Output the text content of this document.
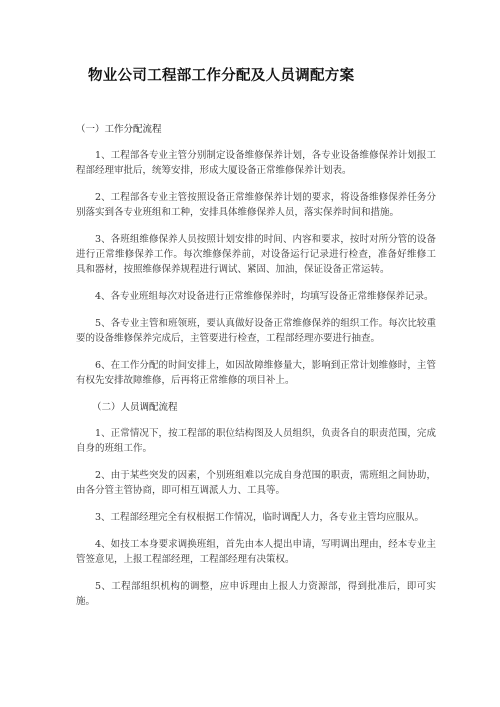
物业公司工程部工作分配及人员调配方案
（一）工作分配流程

1、工程部各专业主管分别制定设备维修保养计划，各专业设备维修保养计划报工程部经理审批后，统筹安排，形成大厦设备正常维修保养计划表。

2、工程部各专业主管按照设备正常维修保养计划的要求，将设备维修保养任务分别落实到各专业班组和工种，安排具体维修保养人员，落实保养时间和措施。

3、各班组维修保养人员按照计划安排的时间、内容和要求，按时对所分管的设备进行正常维修保养工作。每次维修保养前，对设备运行记录进行检查，准备好维修工具和器材，按照维修保养规程进行调试、紧固、加油，保证设备正常运转。

4、各专业班组每次对设备进行正常维修保养时，均填写设备正常维修保养记录。

5、各专业主管和班领班，要认真做好设备正常维修保养的组织工作。每次比较重要的设备维修保养完成后，主管要进行检查，工程部经理亦要进行抽查。

6、在工作分配的时间安排上，如因故障维修量大，影响到正常计划维修时，主管有权先安排故障维修，后再将正常维修的项目补上。

（二）人员调配流程

1、正常情况下，按工程部的职位结构图及人员组织，负责各自的职责范围，完成自身的班组工作。

2、由于某些突发的因素，个别班组难以完成自身范围的职责，需班组之间协助，由各分管主管协商，即可相互调派人力、工具等。

3、工程部经理完全有权根据工作情况，临时调配人力，各专业主管均应服从。

4、如技工本身要求调换班组，首先由本人提出申请，写明调出理由，经本专业主管签意见，上报工程部经理，工程部经理有决策权。

5、工程部组织机构的调整，应申诉理由上报人力资源部，得到批准后，即可实施。
